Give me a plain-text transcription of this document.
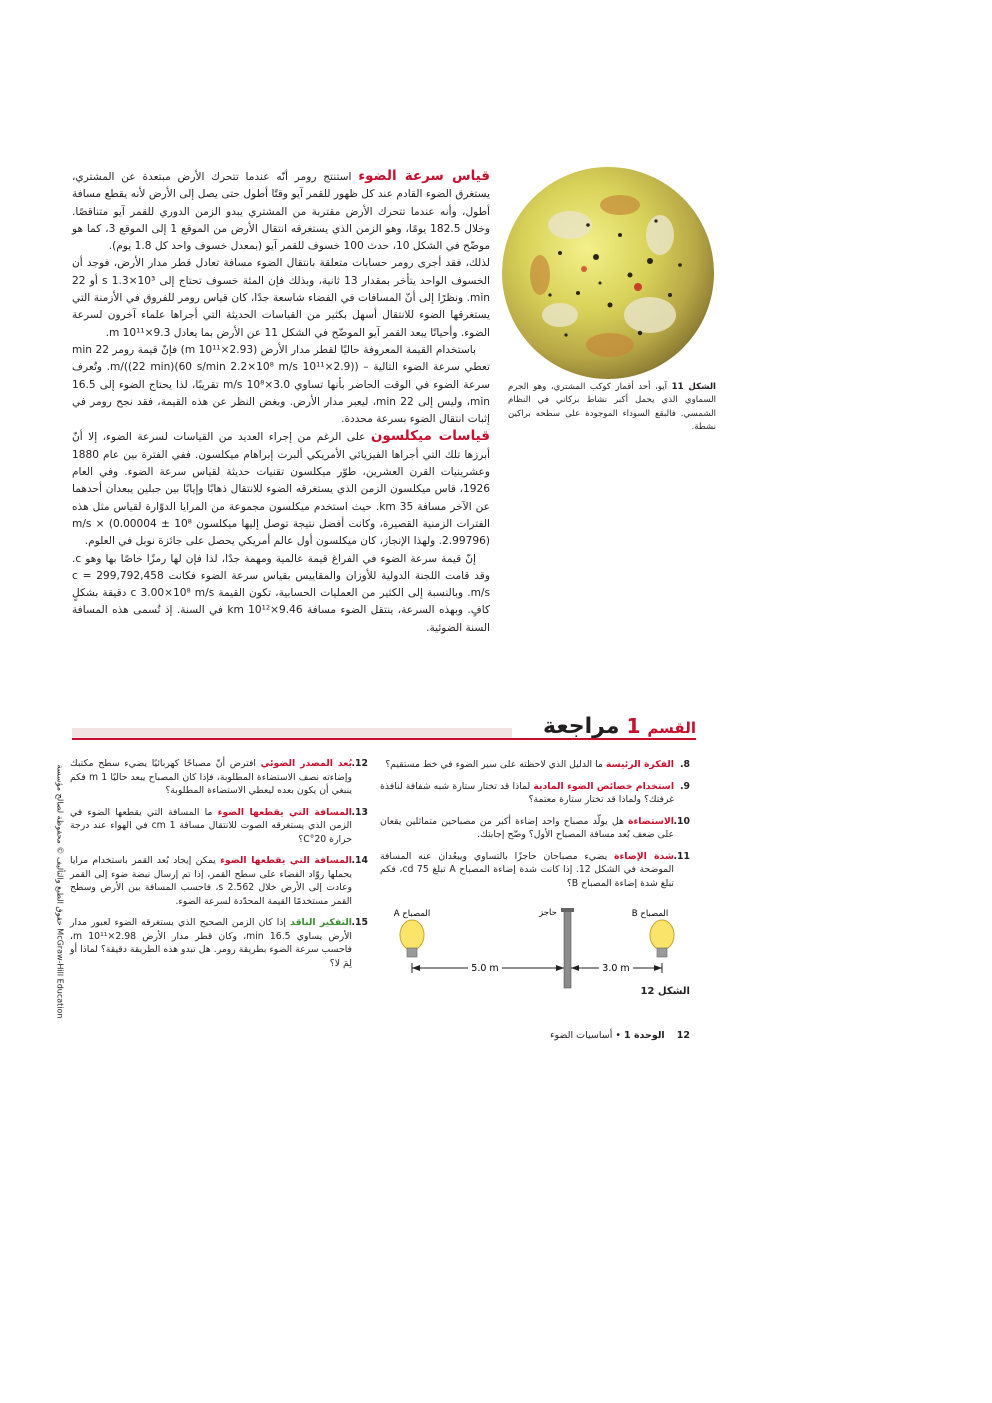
قياس سرعة الضوء استنتج رومر أنّه عندما تتحرك الأرض مبتعدة عن المشتري، يستغرق الضوء القادم عند كل ظهور للقمر آيو وقتًا أطول حتى يصل إلى الأرض لأنه يقطع مسافة أطول، وأنه عندما تتحرك الأرض مقتربة من المشتري يبدو الزمن الدوري للقمر آيو متناقصًا. وخلال 182.5 يومًا، وهو الزمن الذي يستغرقه انتقال الأرض من الموقع 1 إلى الموقع 3، كما هو موضّح في الشكل 10، حدث 100 خسوف للقمر آيو (بمعدل خسوف واحد كل 1.8 يوم).

لذلك، فقد أجرى رومر حسابات متعلقة بانتقال الضوء مسافة تعادل قطر مدار الأرض، فوجد أن الخسوف الواحد يتأخر بمقدار 13 ثانية، وبذلك فإن المئة خسوف تحتاج إلى s 1.3×10³ أو 22 min. ونظرًا إلى أنّ المسافات في الفضاء شاسعة جدًا، كان قياس رومر للفروق في الأزمنة التي يستغرقها الضوء للانتقال أسهل بكثير من القياسات الحديثة التي أجراها علماء آخرون لسرعة الضوء. وأحيانًا يبعد القمر آيو الموضّح في الشكل 11 عن الأرض بما يعادل 9.3×10¹¹ m.

باستخدام القيمة المعروفة حاليًا لقطر مدار الأرض (2.93×10¹¹ m) فإنّ قيمة رومر 22 min تعطي سرعة الضوء التالية – ((2.9×10¹¹ m/((22 min)(60 s/min 2.2×10⁸ m/s. وتُعرف سرعة الضوء في الوقت الحاضر بأنها تساوي 3.0×10⁸ m/s تقريبًا، لذا يحتاج الضوء إلى 16.5 min، وليس إلى 22 min، ليعبر مدار الأرض. وبغض النظر عن هذه القيمة، فقد نجح رومر في إثبات انتقال الضوء بسرعة محددة.

قياسات ميكلسون على الرغم من إجراء العديد من القياسات لسرعة الضوء، إلا أنّ أبرزها تلك التي أجراها الفيزيائي الأمريكي ألبرت إبراهام ميكلسون. ففي الفترة بين عام 1880 وعشرينيات القرن العشرين، طوّر ميكلسون تقنيات حديثة لقياس سرعة الضوء. وفي العام 1926، قاس ميكلسون الزمن الذي يستغرقه الضوء للانتقال ذهابًا وإيابًا بين جبلين يبعدان أحدهما عن الآخر مسافة 35 km. حيث استخدم ميكلسون مجموعة من المرايا الدوّارة لقياس مثل هذه الفترات الزمنية القصيرة، وكانت أفضل نتيجة توصل إليها ميكلسون 10⁸ m/s × (0.00004 ± 2.99796). ولهذا الإنجاز، كان ميكلسون أول عالم أمريكي يحصل على جائزة نوبل في العلوم.

إنّ قيمة سرعة الضوء في الفراغ قيمة عالمية ومهمة جدًا، لذا فإن لها رمزًا خاصًا بها وهو c. وقد قامت اللجنة الدولية للأوزان والمقاييس بقياس سرعة الضوء فكانت c = 299,792,458 m/s. وبالنسبة إلى الكثير من العمليات الحسابية، تكون القيمة c 3.00×10⁸ m/s دقيقة بشكلٍ كافٍ. وبهذه السرعة، ينتقل الضوء مسافة 9.46×10¹² km في السنة. إذ تُسمى هذه المسافة السنة الضوئية.

الشكل 11 آيو، أحد أقمار كوكب المشتري، وهو الجرم السماوي الذي يحمل أكبر نشاط بركاني في النظام الشمسي. فالبقع السوداء الموجودة على سطحه براكين نشطة.
القسم 1 مراجعة
8.
الفكرة الرئيسة ما الدليل الذي لاحظته على سير الضوء في خط مستقيم؟
9.
استخدام خصائص الضوء المادية لماذا قد تختار ستارة شبه شفافة لنافذة غرفتك؟ ولماذا قد تختار ستارة معتمة؟
10.
الاستضاءة هل يولّد مصباح واحد إضاءة أكبر من مصباحين متماثلين يقعان على ضعف بُعد مسافة المصباح الأول؟ وضّح إجابتك.
11.
شدة الإضاءة يضيء مصباحان حاجزًا بالتساوي ويبعُدان عنه المسافة الموضحة في الشكل 12. إذا كانت شدة إضاءة المصباح A تبلغ 75 cd، فكم تبلغ شدة إضاءة المصباح B؟
5.0 m	3.0 m
المصباح A	المصباح B
حاجز
الشكل 12
12.
بُعد المصدر الضوئي افترض أنّ مصباحًا كهربائيًا يضيء سطح مكتبك وإضاءته نصف الاستضاءة المطلوبة، فإذا كان المصباح يبعد حاليًا 1 m فكم ينبغي أن يكون بعده ليعطي الاستضاءة المطلوبة؟
13.
المسافة التي يقطعها الضوء ما المسافة التي يقطعها الضوء في الزمن الذي يستغرقه الصوت للانتقال مسافة 1 cm في الهواء عند درجة حرارة 20°C؟
14.
المسافة التي يقطعها الضوء يمكن إيجاد بُعد القمر باستخدام مرايا يحملها روّاد الفضاء على سطح القمر، إذا تم إرسال نبضة ضوء إلى القمر وعادت إلى الأرض خلال 2.562 s، فاحسب المسافة بين الأرض وسطح القمر مستخدمًا القيمة المحدّدة لسرعة الضوء.
15.
التفكير الناقد إذا كان الزمن الصحيح الذي يستغرقه الضوء لعبور مدار الأرض يساوي 16.5 min، وكان قطر مدار الأرض 2.98×10¹¹ m، فاحسب سرعة الضوء بطريقة رومر. هل تبدو هذه الطريقة دقيقة؟ لماذا أو لِمَ لا؟
حقوق الطبع والتأليف © محفوظة لصالح مؤسسة McGraw-Hill Education
12    الوحدة 1 • أساسيات الضوء
